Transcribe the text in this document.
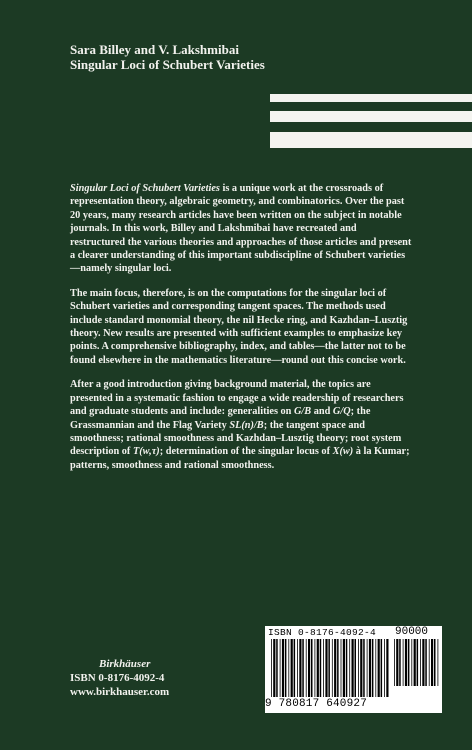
Sara Billey and V. Lakshmibai
Singular Loci of Schubert Varieties

Singular Loci of Schubert Varieties is a unique work at the crossroads of representation theory, algebraic geometry, and combinatorics. Over the past 20 years, many research articles have been written on the subject in notable journals. In this work, Billey and Lakshmibai have recreated and restructured the various theories and approaches of those articles and present a clearer understanding of this important subdiscipline of Schubert varieties—namely singular loci.

The main focus, therefore, is on the computations for the singular loci of Schubert varieties and corresponding tangent spaces. The methods used include standard monomial theory, the nil Hecke ring, and Kazhdan–Lusztig theory. New results are presented with sufficient examples to emphasize key points. A comprehensive bibliography, index, and tables—the latter not to be found elsewhere in the mathematics literature—round out this concise work.

After a good introduction giving background material, the topics are presented in a systematic fashion to engage a wide readership of researchers and graduate students and include: generalities on G/B and G/Q; the Grassmannian and the Flag Variety SL(n)/B; the tangent space and smoothness; rational smoothness and Kazhdan–Lusztig theory; root system description of T(w,τ); determination of the singular locus of X(w) à la Kumar; patterns, smoothness and rational smoothness.

Birkhäuser
ISBN 0-8176-4092-4
www.birkhauser.com
ISBN 0-8176-4092-4 90000
9 780817 640927
